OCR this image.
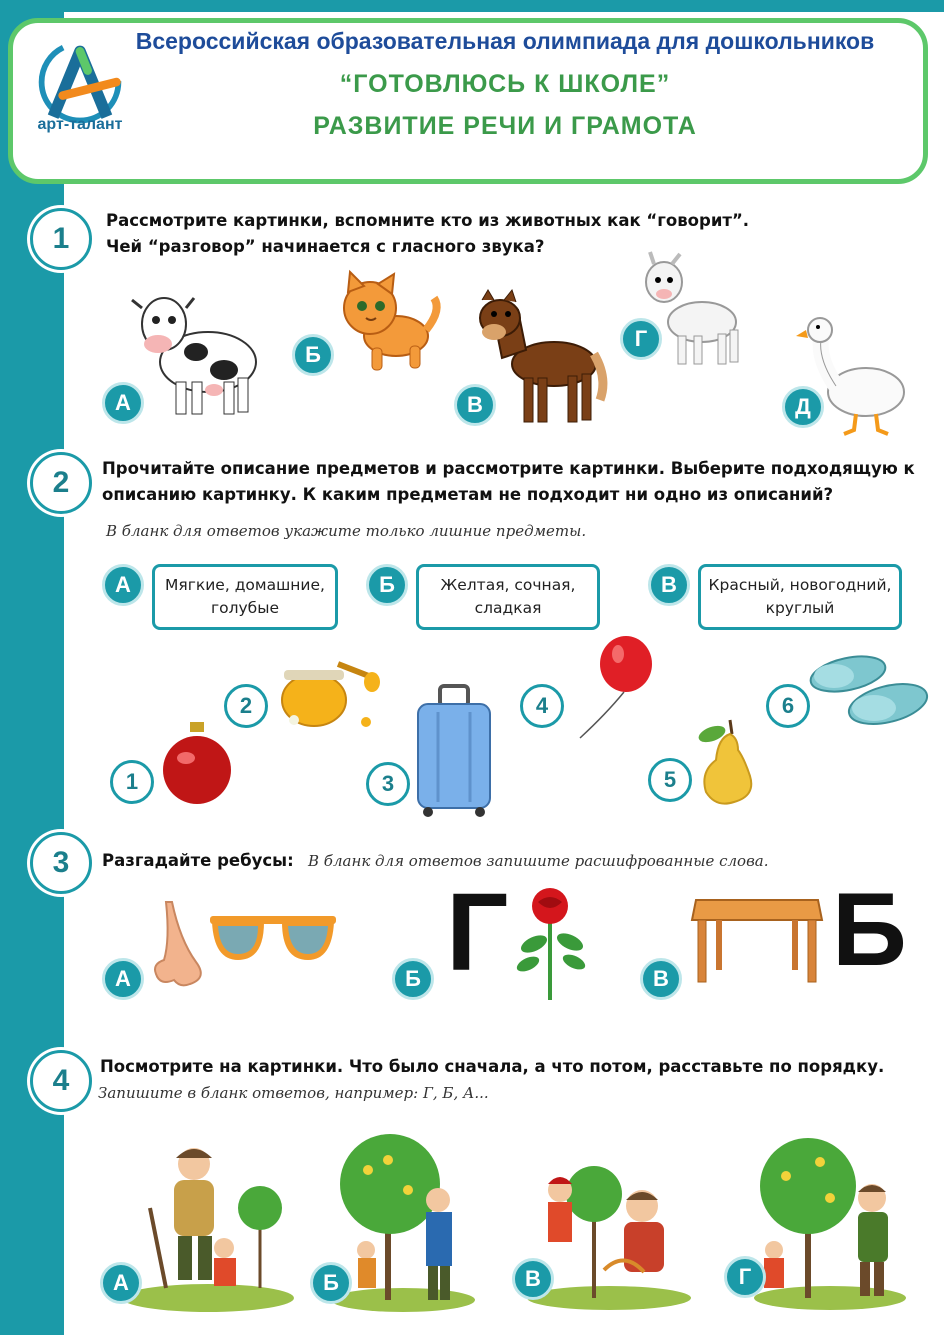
арт-талант
Всероссийская образовательная олимпиада для дошкольников
“ГОТОВЛЮСЬ К ШКОЛЕ”
РАЗВИТИЕ РЕЧИ И ГРАМОТА
1
Рассмотрите картинки, вспомните кто из животных как “говорит”.
Чей “разговор” начинается с гласного звука?
А
Б
В
Г
Д
2	Прочитайте описание предметов и рассмотрите картинки. Выберите подходящую к
описанию картинку. К каким предметам не подходит ни одно из описаний?
В бланк для ответов укажите только лишние предметы.
А	Мягкие, домашние,
голубые
Б	Желтая, сочная,
сладкая
В	Красный, новогодний,
круглый
1
2
3
4
5
6
3	Разгадайте ребусы: В бланк для ответов запишите расшифрованные слова.
А	Б Г	В Б
4	Посмотрите на картинки. Что было сначала, а что потом, расставьте по порядку.
Запишите в бланк ответов, например: Г, Б, А...
А	Б	В	Г
